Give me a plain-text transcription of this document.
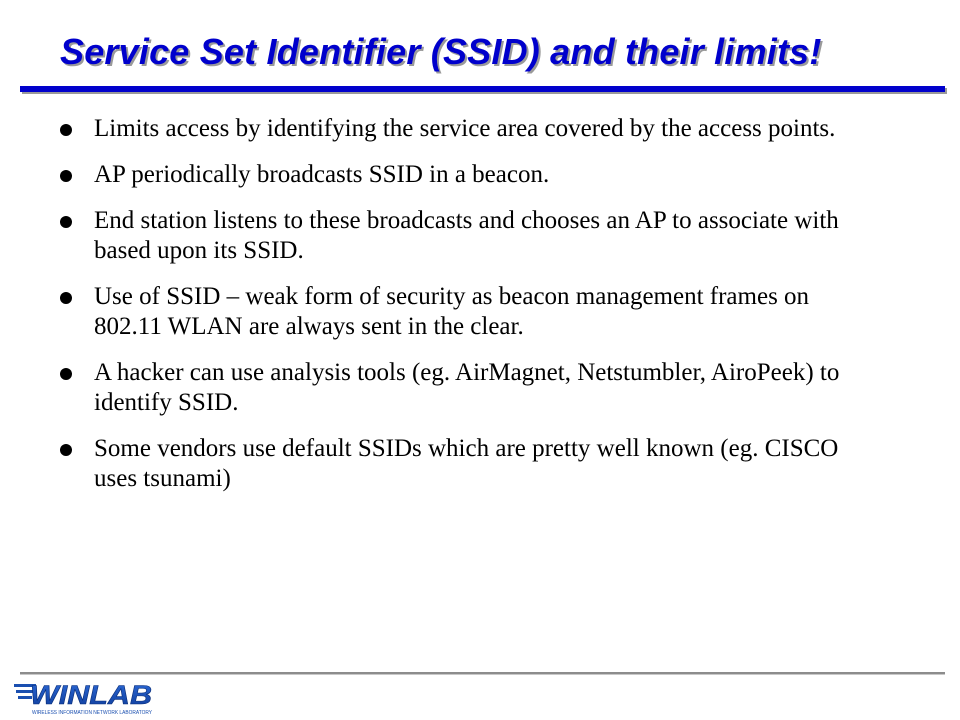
Service Set Identifier (SSID) and their limits!
Limits access by identifying the service area covered by the access points.
AP periodically broadcasts SSID in a beacon.
End station listens to these broadcasts and chooses an AP to associate with based upon its SSID.
Use of SSID – weak form of security as beacon management frames on 802.11 WLAN are always sent in the clear.
A hacker can use analysis tools (eg. AirMagnet, Netstumbler, AiroPeek) to identify SSID.
Some vendors use default SSIDs which are pretty well known (eg. CISCO uses tsunami)
WINLAB
WIRELESS INFORMATION NETWORK LABORATORY
